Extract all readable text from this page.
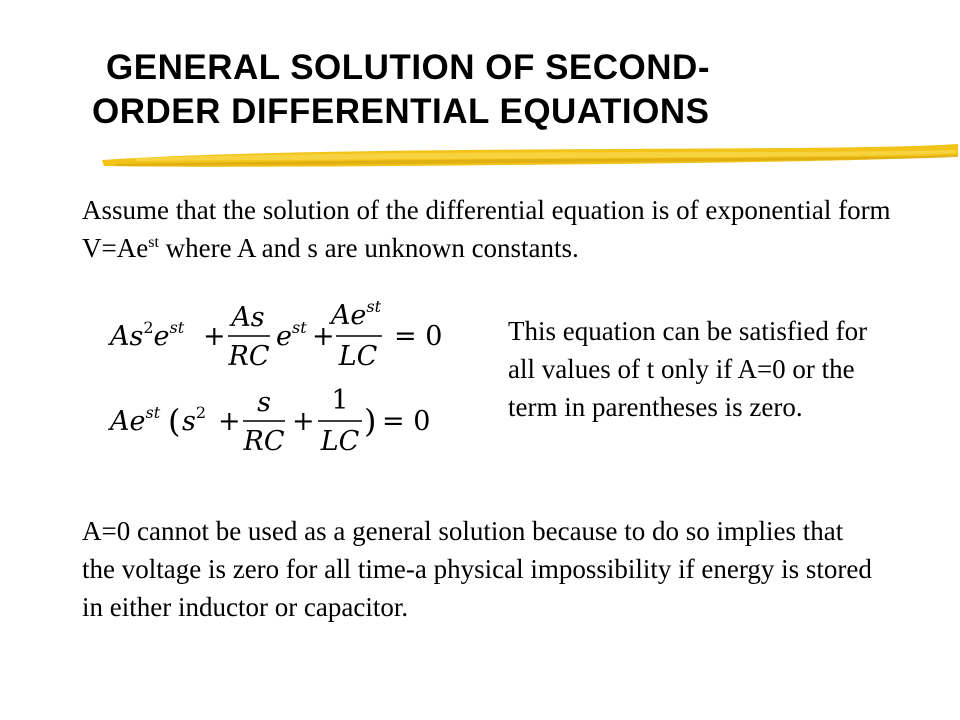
GENERAL SOLUTION OF SECOND-
ORDER DIFFERENTIAL EQUATIONS
Assume that the solution of the differential equation is of exponential form $V=Ae^{st}$ where A and s are unknown constants.
$As^2e^{st}$ +
As
RC
$e^{st}$ +
$Ae^{st}$
LC
= 0
$Ae^{st}$ ( $s^2$ +
s
RC
+
1
LC
) = 0
This equation can be satisfied for all values of t only if A=0 or the term in parentheses is zero.
A=0 cannot be used as a general solution because to do so implies that the voltage is zero for all time-a physical impossibility if energy is stored in either inductor or capacitor.
